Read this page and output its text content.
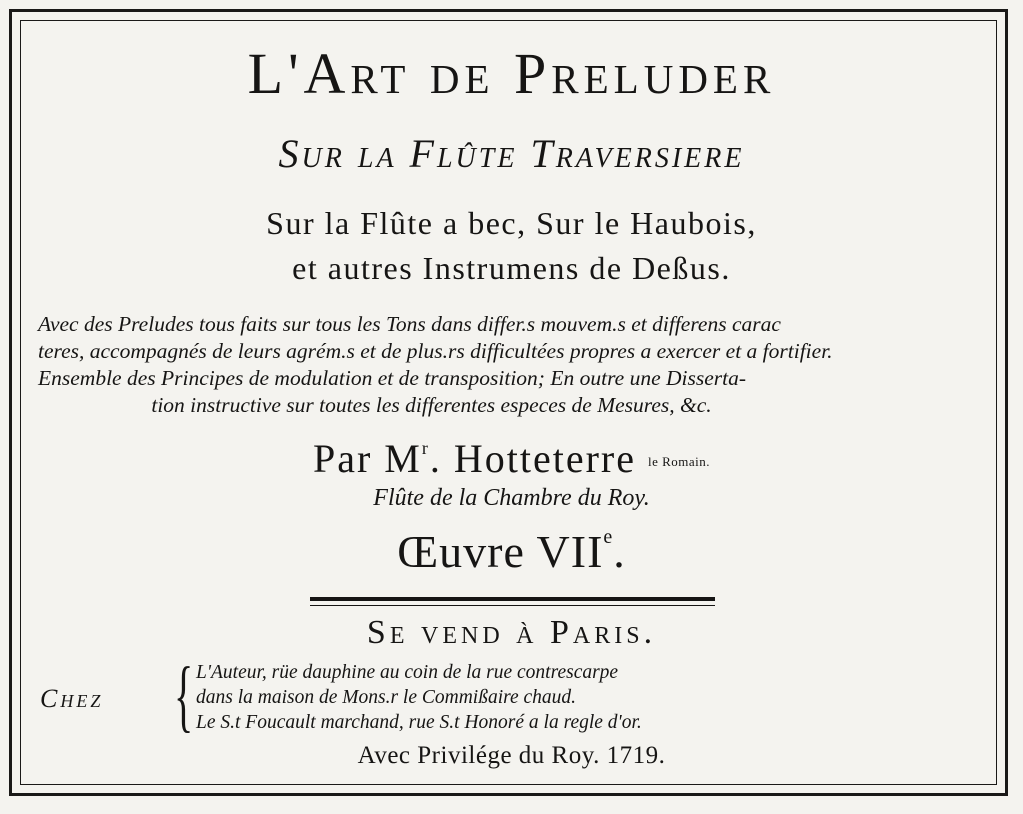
L'Art de Preluder
Sur la Flûte Traversiere
Sur la Flûte a bec, Sur le Haubois,
et autres Instrumens de Deßus.
Avec des Preludes tous faits sur tous les Tons dans differ.s mouvem.s et differens carac
teres, accompagnés de leurs agrém.s et de plus.rs difficultées propres a exercer et a fortifier.
Ensemble des Principes de modulation et de transposition; En outre une Disserta-
tion instructive sur toutes les differentes especes de Mesures, &c.
Par $M^r$. Hotteterre le Romain.
Flûte de la Chambre du Roy.
Œuvre VIIe.
Se vend à Paris.
Chez { L'Auteur, rüe dauphine au coin de la rue contrescarpe
dans la maison de Mons.r le Commißaire chaud.
Le S.t Foucault marchand, rue S.t Honoré a la regle d'or.
Avec Privilége du Roy. 1719.
